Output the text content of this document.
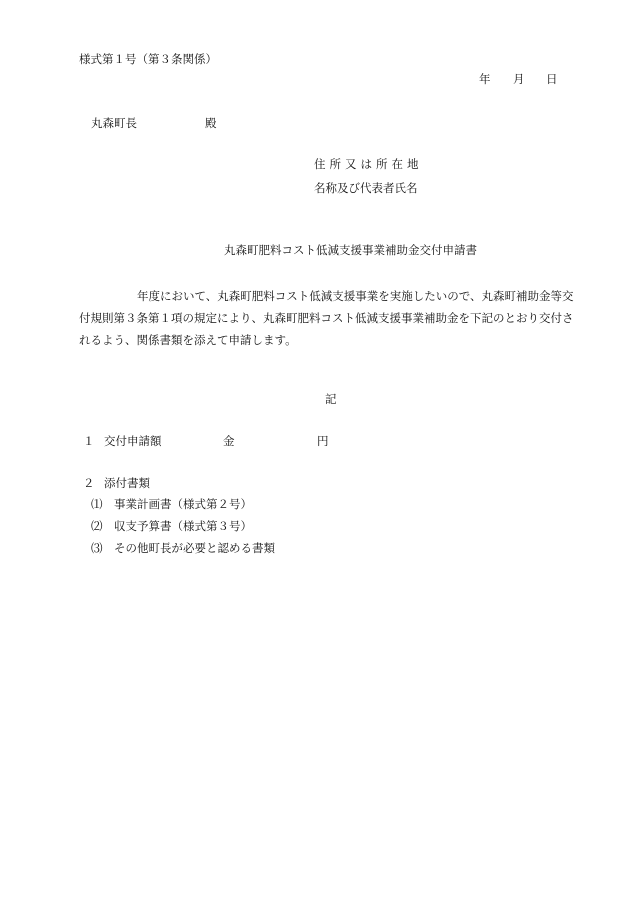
様式第１号（第３条関係）
年 月 日
丸森町長	殿
住所又は所在地
名称及び代表者氏名
丸森町肥料コスト低減支援事業補助金交付申請書
年度において、丸森町肥料コスト低減支援事業を実施したいので、丸森町補助金等交
付規則第３条第１項の規定により、丸森町肥料コスト低減支援事業補助金を下記のとおり交付さ
れるよう、関係書類を添えて申請します。
記
１ 交付申請額	金	円
２ 添付書類
⑴ 事業計画書（様式第２号）
⑵ 収支予算書（様式第３号）
⑶ その他町長が必要と認める書類
